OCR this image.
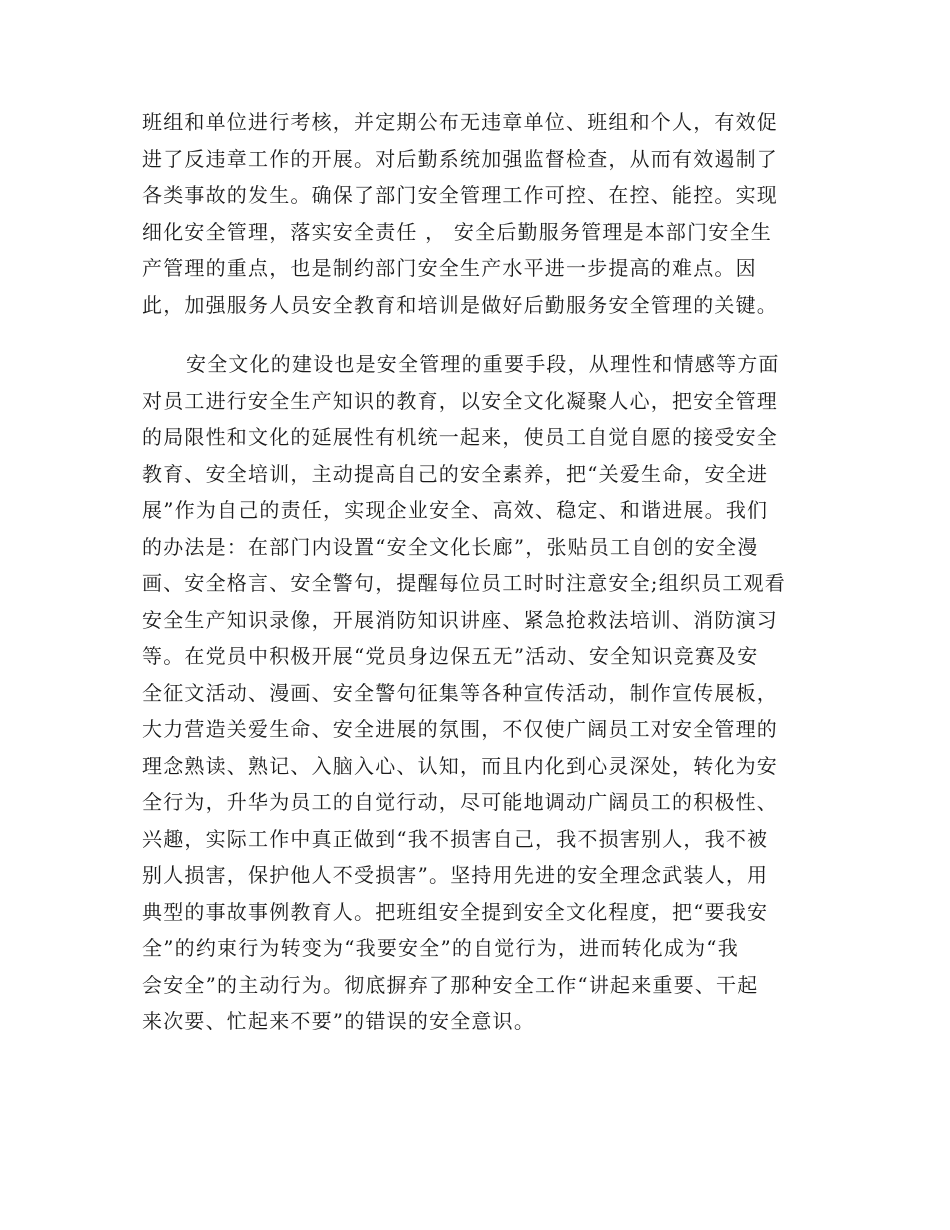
班组和单位进行考核，并定期公布无违章单位、班组和个人，有效促
进了反违章工作的开展。对后勤系统加强监督检查，从而有效遏制了
各类事故的发生。确保了部门安全管理工作可控、在控、能控。实现
细化安全管理，落实安全责任 ， 安全后勤服务管理是本部门安全生
产管理的重点，也是制约部门安全生产水平进一步提高的难点。因
此，加强服务人员安全教育和培训是做好后勤服务安全管理的关键。
安全文化的建设也是安全管理的重要手段，从理性和情感等方面
对员工进行安全生产知识的教育，以安全文化凝聚人心，把安全管理
的局限性和文化的延展性有机统一起来，使员工自觉自愿的接受安全
教育、安全培训，主动提高自己的安全素养，把“关爱生命，安全进
展”作为自己的责任，实现企业安全、高效、稳定、和谐进展。我们
的办法是：在部门内设置“安全文化长廊”，张贴员工自创的安全漫
画、安全格言、安全警句，提醒每位员工时时注意安全;组织员工观看
安全生产知识录像，开展消防知识讲座、紧急抢救法培训、消防演习
等。在党员中积极开展“党员身边保五无”活动、安全知识竞赛及安
全征文活动、漫画、安全警句征集等各种宣传活动，制作宣传展板，
大力营造关爱生命、安全进展的氛围，不仅使广阔员工对安全管理的
理念熟读、熟记、入脑入心、认知，而且内化到心灵深处，转化为安
全行为，升华为员工的自觉行动，尽可能地调动广阔员工的积极性、
兴趣，实际工作中真正做到“我不损害自己，我不损害别人，我不被
别人损害，保护他人不受损害”。坚持用先进的安全理念武装人，用
典型的事故事例教育人。把班组安全提到安全文化程度，把“要我安
全”的约束行为转变为“我要安全”的自觉行为，进而转化成为“我
会安全”的主动行为。彻底摒弃了那种安全工作“讲起来重要、干起
来次要、忙起来不要”的错误的安全意识。
